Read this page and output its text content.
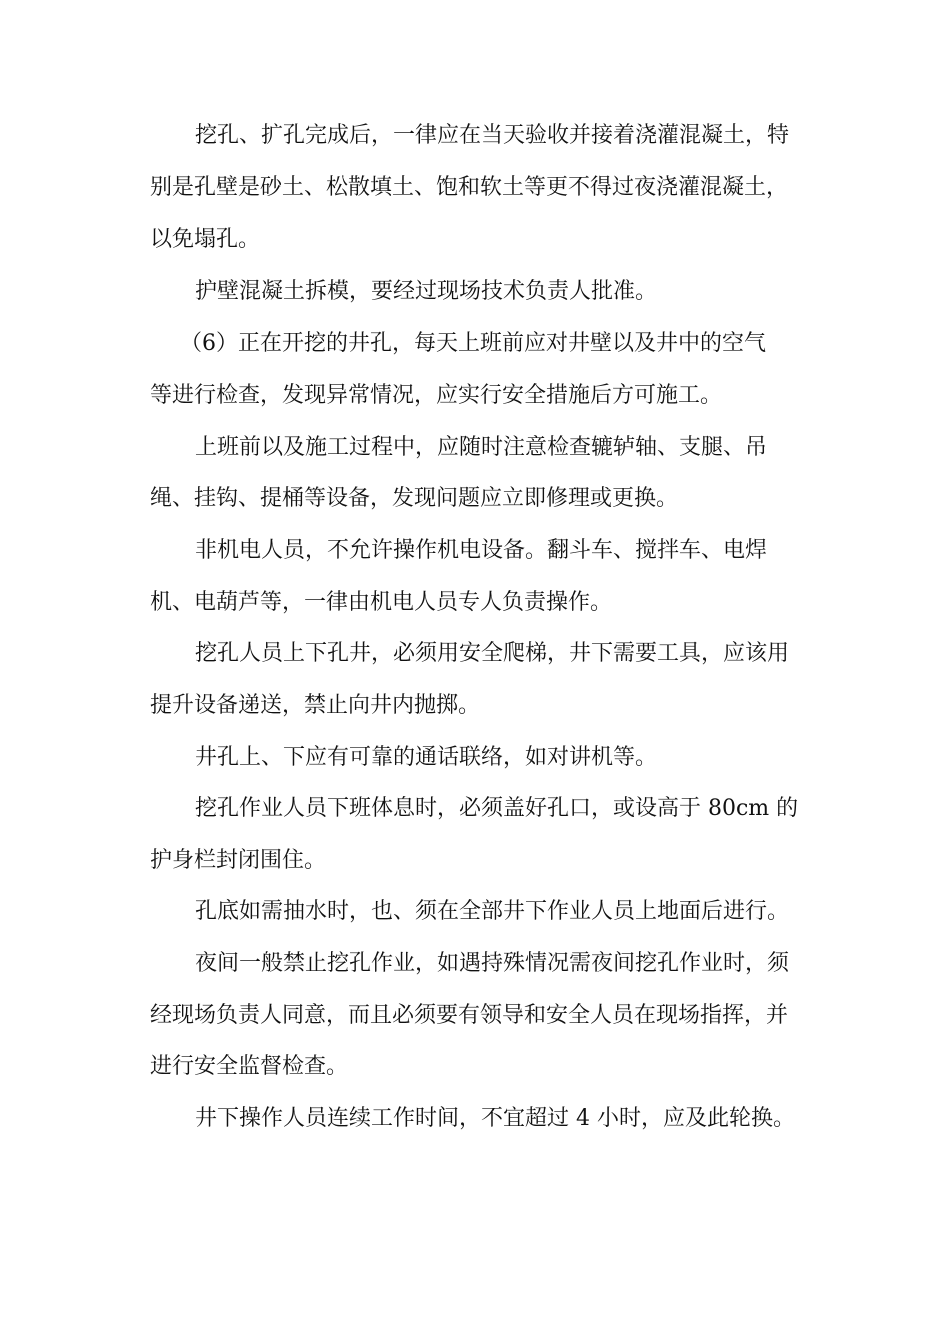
挖孔、扩孔完成后，一律应在当天验收并接着浇灌混凝土，特

别是孔壁是砂土、松散填土、饱和软土等更不得过夜浇灌混凝土，

以免塌孔。

护壁混凝土拆模，要经过现场技术负责人批准。

（6）正在开挖的井孔，每天上班前应对井壁以及井中的空气

等进行检查，发现异常情况，应实行安全措施后方可施工。

上班前以及施工过程中，应随时注意检查辘轳轴、支腿、吊

绳、挂钩、提桶等设备，发现问题应立即修理或更换。

非机电人员，不允许操作机电设备。翻斗车、搅拌车、电焊

机、电葫芦等，一律由机电人员专人负责操作。

挖孔人员上下孔井，必须用安全爬梯，井下需要工具，应该用

提升设备递送，禁止向井内抛掷。

井孔上、下应有可靠的通话联络，如对讲机等。

挖孔作业人员下班体息时，必须盖好孔口，或设高于 80cm 的

护身栏封闭围住。

孔底如需抽水时，也、须在全部井下作业人员上地面后进行。

夜间一般禁止挖孔作业，如遇持殊情况需夜间挖孔作业时，须

经现场负责人同意，而且必须要有领导和安全人员在现场指挥，并

进行安全监督检查。

井下操作人员连续工作时间，不宜超过 4 小时，应及此轮换。
